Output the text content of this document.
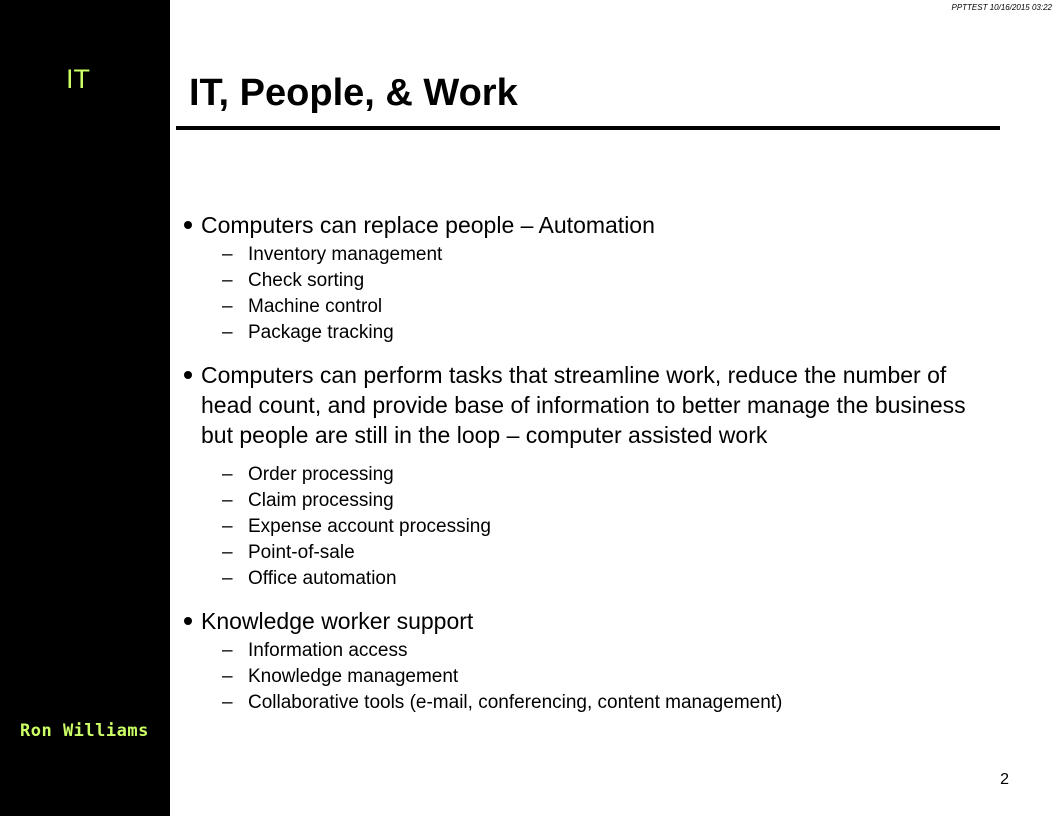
IT
Ron Williams
PPTTEST 10/16/2015 03:22
IT, People, & Work
Computers can replace people – Automation
– Inventory management
– Check sorting
– Machine control
– Package tracking
Computers can perform tasks that streamline work, reduce the number of head count, and provide base of information to better manage the business but people are still in the loop – computer assisted work
– Order processing
– Claim processing
– Expense account processing
– Point-of-sale
– Office automation
Knowledge worker support
– Information access
– Knowledge management
– Collaborative tools (e-mail, conferencing, content management)
2
